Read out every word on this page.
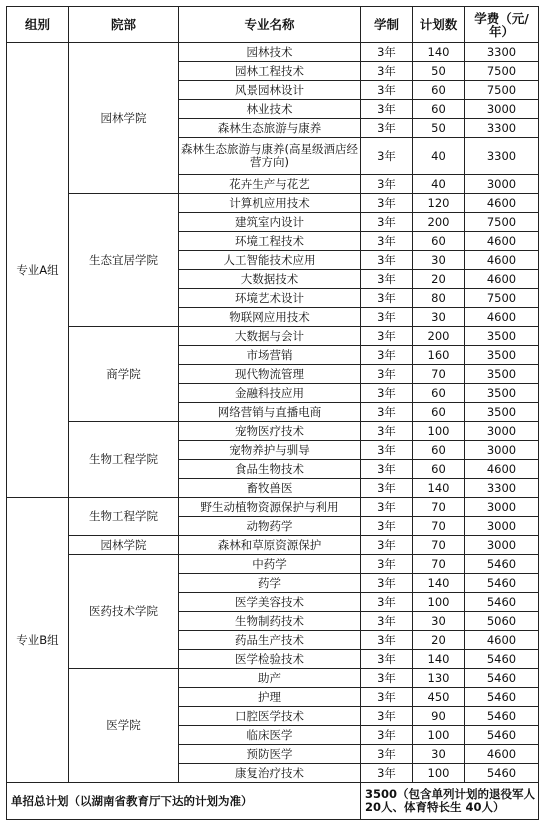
组别	院部	专业名称	学制	计划数	学费（元/年）
专业A组	园林学院	园林技术	3年	140	3300
		园林工程技术	3年	50	7500
		风景园林设计	3年	60	7500
		林业技术	3年	60	3000
		森林生态旅游与康养	3年	50	3300
		森林生态旅游与康养(高星级酒店经营方向)	3年	40	3300
		花卉生产与花艺	3年	40	3000
	生态宜居学院	计算机应用技术	3年	120	4600
		建筑室内设计	3年	200	7500
		环境工程技术	3年	60	4600
		人工智能技术应用	3年	30	4600
		大数据技术	3年	20	4600
		环境艺术设计	3年	80	7500
		物联网应用技术	3年	30	4600
	商学院	大数据与会计	3年	200	3500
		市场营销	3年	160	3500
		现代物流管理	3年	70	3500
		金融科技应用	3年	60	3500
		网络营销与直播电商	3年	60	3500
	生物工程学院	宠物医疗技术	3年	100	3000
		宠物养护与驯导	3年	60	3000
		食品生物技术	3年	60	4600
		畜牧兽医	3年	140	3300
专业B组	生物工程学院	野生动植物资源保护与利用	3年	70	3000
		动物药学	3年	70	3000
	园林学院	森林和草原资源保护	3年	70	3000
	医药技术学院	中药学	3年	70	5460
		药学	3年	140	5460
		医学美容技术	3年	100	5460
		生物制药技术	3年	30	5060
		药品生产技术	3年	20	4600
		医学检验技术	3年	140	5460
	医学院	助产	3年	130	5460
		护理	3年	450	5460
		口腔医学技术	3年	90	5460
		临床医学	3年	100	5460
		预防医学	3年	30	4600
		康复治疗技术	3年	100	5460
单招总计划（以湖南省教育厅下达的计划为准）			3500（包含单列计划的退役军人20人、体育特长生 40人）		
